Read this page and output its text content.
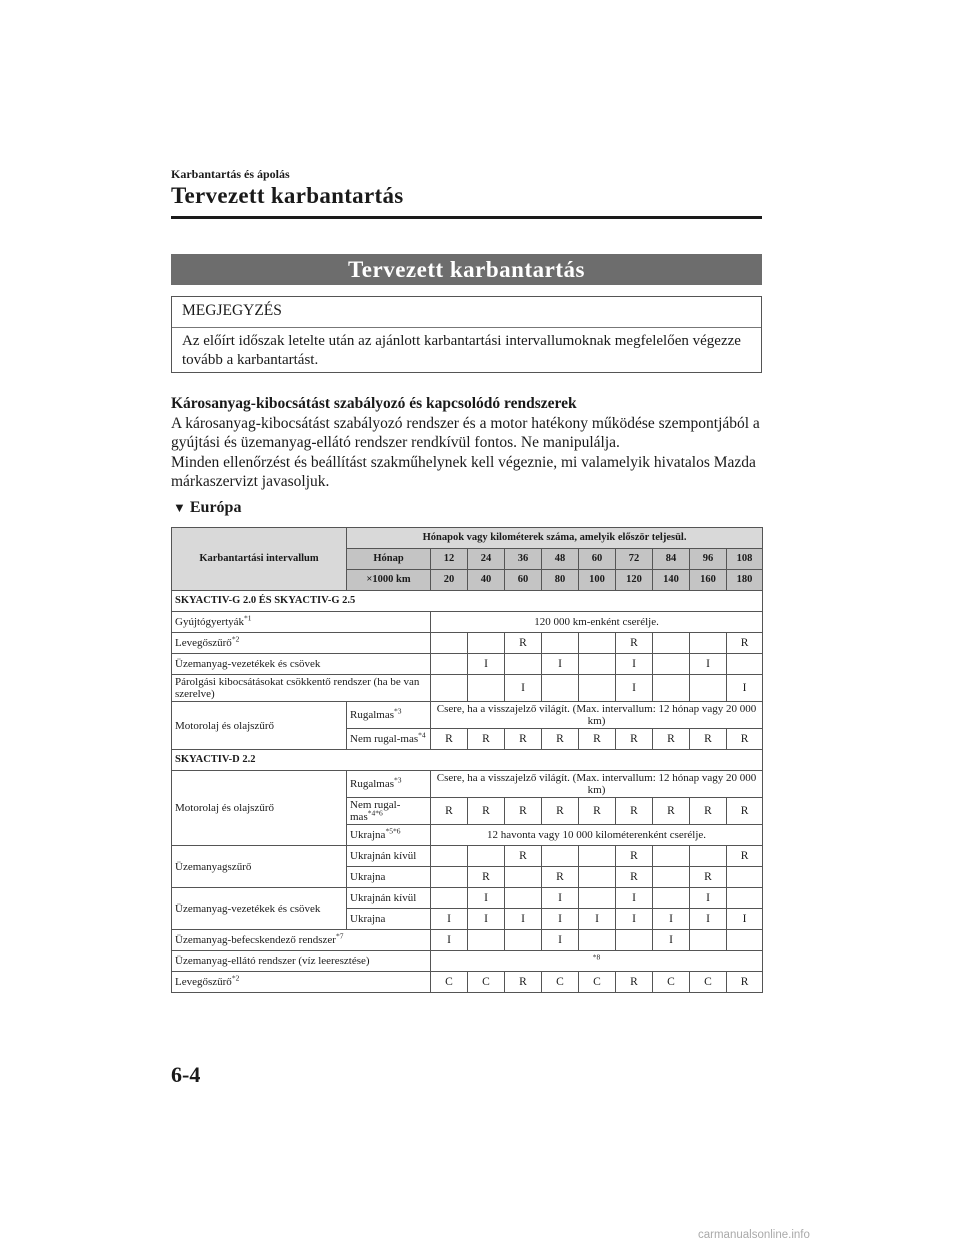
Karbantartás és ápolás
Tervezett karbantartás
Tervezett karbantartás
MEGJEGYZÉS
Az előírt időszak letelte után az ajánlott karbantartási intervallumoknak megfelelően végezze tovább a karbantartást.
Károsanyag-kibocsátást szabályozó és kapcsolódó rendszerek
A károsanyag-kibocsátást szabályozó rendszer és a motor hatékony működése szempontjából a gyújtási és üzemanyag-ellátó rendszer rendkívül fontos. Ne manipulálja.
Minden ellenőrzést és beállítást szakműhelynek kell végeznie, mi valamelyik hivatalos Mazda márkaszervizt javasoljuk.
▼ Európa
Karbantartási intervallum	Hónapok vagy kilométerek száma, amelyik először teljesül.									
	Hónap	12	24	36	48	60	72	84	96	108
	×1000 km	20	40	60	80	100	120	140	160	180
SKYACTIV-G 2.0 ÉS SKYACTIV-G 2.5										
Gyújtógyertyák$^{*1}$		120 000 km-enként cserélje.								
Levegőszűrő$^{*2}$				R			R			R
Üzemanyag-vezetékek és csövek			I		I		I		I	
Párolgási kibocsátásokat csökkentő rendszer (ha be van szerelve)				I			I			I
Motorolaj és olajszűrő	Rugalmas$^{*3}$	Csere, ha a visszajelző világít. (Max. intervallum: 12 hónap vagy 20 000 km)								
	Nem rugal-mas$^{*4}$	R	R	R	R	R	R	R	R	R
SKYACTIV-D 2.2										
Motorolaj és olajszűrő	Rugalmas$^{*3}$	Csere, ha a visszajelző világít. (Max. intervallum: 12 hónap vagy 20 000 km)								
	Nem rugal-mas$^{*4*6}$	R	R	R	R	R	R	R	R	R
	Ukrajna$^{*5*6}$	12 havonta vagy 10 000 kilométerenként cserélje.								
Üzemanyagszűrő	Ukrajnán kívül			R			R			R
	Ukrajna		R		R		R		R	
Üzemanyag-vezetékek és csövek	Ukrajnán kívül		I		I		I		I	
	Ukrajna	I	I	I	I	I	I	I	I	I
Üzemanyag-befecskendező rendszer$^{*7}$		I			I			I		
Üzemanyag-ellátó rendszer (víz leeresztése)		$^{*8}$
Levegőszűrő$^{*2}$		C	C	R	C	C	R	C	C	R
6-4
carmanualsonline.info
